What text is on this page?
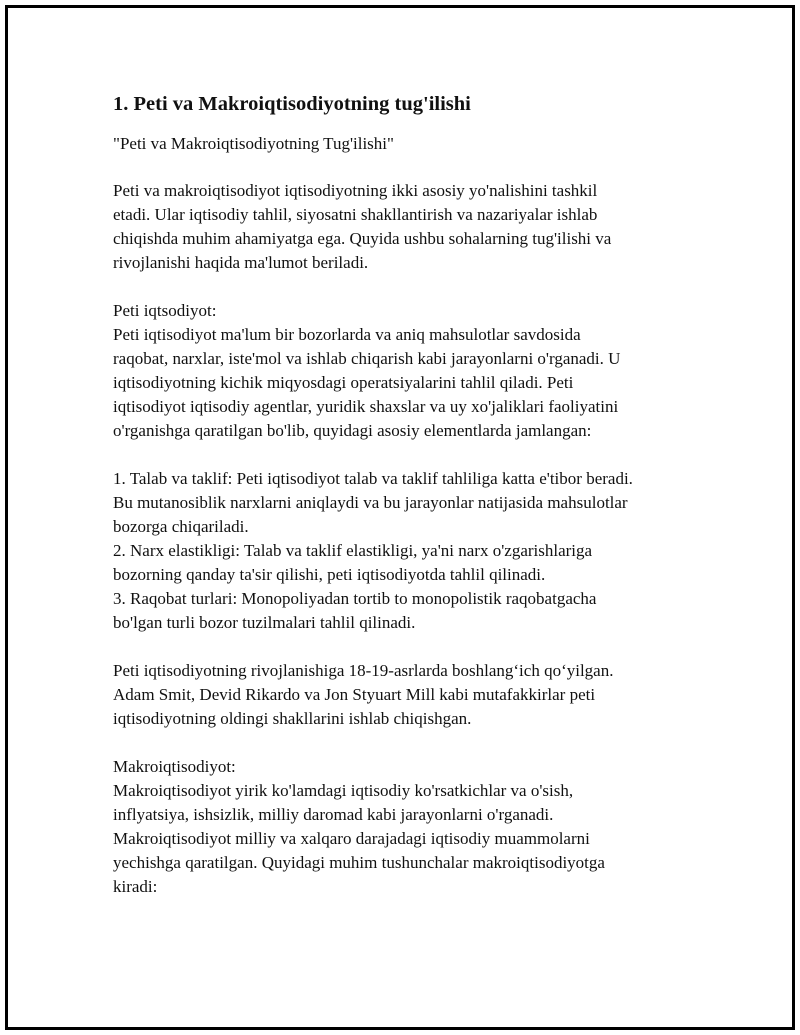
1. Peti va Makroiqtisodiyotning tug'ilishi
"Peti va Makroiqtisodiyotning Tug'ilishi"
Peti va makroiqtisodiyot iqtisodiyotning ikki asosiy yo'nalishini tashkil
etadi. Ular iqtisodiy tahlil, siyosatni shakllantirish va nazariyalar ishlab
chiqishda muhim ahamiyatga ega. Quyida ushbu sohalarning tug'ilishi va
rivojlanishi haqida ma'lumot beriladi.
Peti iqtsodiyot:
Peti iqtisodiyot ma'lum bir bozorlarda va aniq mahsulotlar savdosida
raqobat, narxlar, iste'mol va ishlab chiqarish kabi jarayonlarni o'rganadi. U
iqtisodiyotning kichik miqyosdagi operatsiyalarini tahlil qiladi. Peti
iqtisodiyot iqtisodiy agentlar, yuridik shaxslar va uy xo'jaliklari faoliyatini
o'rganishga qaratilgan bo'lib, quyidagi asosiy elementlarda jamlangan:
1. Talab va taklif: Peti iqtisodiyot talab va taklif tahliliga katta e'tibor beradi.
Bu mutanosiblik narxlarni aniqlaydi va bu jarayonlar natijasida mahsulotlar
bozorga chiqariladi.
2. Narx elastikligi: Talab va taklif elastikligi, ya'ni narx o'zgarishlariga
bozorning qanday ta'sir qilishi, peti iqtisodiyotda tahlil qilinadi.
3. Raqobat turlari: Monopoliyadan tortib to monopolistik raqobatgacha
bo'lgan turli bozor tuzilmalari tahlil qilinadi.
Peti iqtisodiyotning rivojlanishiga 18-19-asrlarda boshlang‘ich qo‘yilgan.
Adam Smit, Devid Rikardo va Jon Styuart Mill kabi mutafakkirlar peti
iqtisodiyotning oldingi shakllarini ishlab chiqishgan.
Makroiqtisodiyot:
Makroiqtisodiyot yirik ko'lamdagi iqtisodiy ko'rsatkichlar va o'sish,
inflyatsiya, ishsizlik, milliy daromad kabi jarayonlarni o'rganadi.
Makroiqtisodiyot milliy va xalqaro darajadagi iqtisodiy muammolarni
yechishga qaratilgan. Quyidagi muhim tushunchalar makroiqtisodiyotga
kiradi:
